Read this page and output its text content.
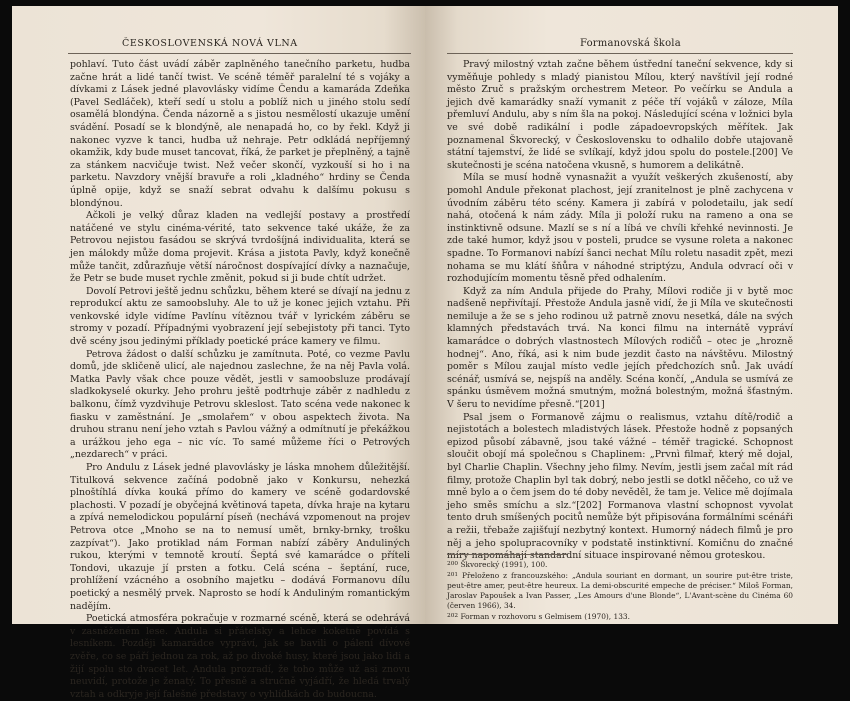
ČESKOSLOVENSKÁ NOVÁ VLNA

pohlaví. Tuto část uvádí záběr zaplněného tanečního parketu, hudba začne hrát a lidé tančí twist. Ve scéně téměř paralelní té s vojáky a dívkami z Lásek jedné plavovlásky vidíme Čendu a kamaráda Zdeňka (Pavel Sedláček), kteří sedí u stolu a poblíž nich u jiného stolu sedí osamělá blondýna. Čenda názorně a s jistou nesmělostí ukazuje umění svádění. Posadí se k blondýně, ale nenapadá ho, co by řekl. Když ji nakonec vyzve k tanci, hudba už nehraje. Petr odkládá nepříjemný okamžik, kdy bude muset tancovat, říká, že parket je přeplněný, a tajně za stánkem nacvičuje twist. Než večer skončí, vyzkouší si ho i na parketu. Navzdory vnější bravuře a roli „kladného“ hrdiny se Čenda úplně opije, když se snaží sebrat odvahu k dalšímu pokusu s blondýnou.

Ačkoli je velký důraz kladen na vedlejší postavy a prostředí natáčené ve stylu cinéma-vérité, tato sekvence také ukáže, že za Petrovou nejistou fasádou se skrývá tvrdošíjná individualita, která se jen málokdy může doma projevit. Krása a jistota Pavly, když konečně může tančit, zdůrazňuje větší náročnost dospívající dívky a naznačuje, že Petr se bude muset rychle změnit, pokud si ji bude chtít udržet.

Dovolí Petrovi ještě jednu schůzku, během které se dívají na jednu z reprodukcí aktu ze samoobsluhy. Ale to už je konec jejich vztahu. Při venkovské idyle vidíme Pavlínu vítěznou tvář v lyrickém záběru se stromy v pozadí. Případnými vyobrazení její sebejistoty při tanci. Tyto dvě scény jsou jedinými příklady poetické práce kamery ve filmu.

Petrova žádost o další schůzku je zamítnuta. Poté, co vezme Pavlu domů, jde skličeně ulicí, ale najednou zaslechne, že na něj Pavla volá. Matka Pavly však chce pouze vědět, jestli v samoobsluze prodávají sladkokyselé okurky. Jeho prohru ještě podtrhuje záběr z nadhledu z balkonu, čímž vyzdvihuje Petrovu skleslost. Tato scéna vede nakonec k fiasku v zaměstnání. Je „smolařem“ v obou aspektech života. Na druhou stranu není jeho vztah s Pavlou vážný a odmítnutí je překážkou a urážkou jeho ega – nic víc. To samé můžeme říci o Petrových „nezdarech“ v práci.

Pro Andulu z Lásek jedné plavovlásky je láska mnohem důležitější. Titulková sekvence začíná podobně jako v Konkursu, nehezká plnoštíhlá dívka kouká přímo do kamery ve scéně godardovské plachosti. V pozadí je obyčejná květinová tapeta, dívka hraje na kytaru a zpívá nemelodickou populární píseň (nechává vzpomenout na projev Petrova otce „Mnoho se na to nemusí umět, brnky-brnky, trošku zazpívat“). Jako protiklad nám Forman nabízí záběry Anduliných rukou, kterými v temnotě kroutí. Šeptá své kamarádce o příteli Tondovi, ukazuje jí prsten a fotku. Celá scéna – šeptání, ruce, prohlížení vzácného a osobního majetku – dodává Formanovu dílu poetický a nesmělý prvek. Naprosto se hodí k Anduliným romantickým nadějím.

Poetická atmosféra pokračuje v rozmarné scéně, která se odehrává v zasněženém lese. Andula si přátelsky a lehce koketně povídá s lesníkem. Později kamarádce vypráví, jak se bavili o pálení dívové zvěře, co se páří jednou za rok, až po divoké husy, které jsou jako lidi a žijí spolu sto dvacet let. Andula prozradí, že toho může už asi znovu neuvidí, protože je ženatý. To přesně a stručně vyjádří, že hledá trvalý vztah a odkryje její falešné představy o vyhlídkách do budoucna.

Formanovská škola

Pravý milostný vztah začne během ústřední taneční sekvence, kdy si vyměňuje pohledy s mladý pianistou Mílou, který navštívil její rodné město Zruč s pražským orchestrem Meteor. Po večírku se Andula a jejich dvě kamarádky snaží vymanit z péče tří vojáků v záloze, Míla přemluví Andulu, aby s ním šla na pokoj. Následující scéna v ložnici byla ve své době radikální i podle západoevropských měřítek. Jak poznamenal Škvorecký, v Československu to odhalilo dobře utajovaně státní tajemství, že lidé se svlíkají, když jdou spolu do postele.[200] Ve skutečnosti je scéna natočena vkusně, s humorem a delikátně.

Míla se musí hodně vynasnažit a využít veškerých zkušeností, aby pomohl Andule překonat plachost, její zranitelnost je plně zachycena v úvodním záběru této scény. Kamera ji zabírá v polodetailu, jak sedí nahá, otočená k nám zády. Míla ji položí ruku na rameno a ona se instinktivně odsune. Mazlí se s ní a líbá ve chvíli křehké nevinnosti. Je zde také humor, když jsou v posteli, prudce se vysune roleta a nakonec spadne. To Formanovi nabízí šanci nechat Mílu roletu nasadit zpět, mezi nohama se mu klátí šňůra v náhodné striptýzu, Andula odvrací oči v rozhodujícím momentu těsně před odhalením.

Když za ním Andula přijede do Prahy, Mílovi rodiče ji v bytě moc nadšeně nepřivítají. Přestože Andula jasně vidí, že ji Míla ve skutečnosti nemiluje a že se s jeho rodinou už patrně znovu nesetká, dále na svých klamných představách trvá. Na konci filmu na internátě vypráví kamarádce o dobrých vlastnostech Mílových rodičů – otec je „hrozně hodnej“. Ano, říká, asi k nim bude jezdit často na návštěvu. Milostný poměr s Mílou zaujal místo vedle jejích předchozích snů. Jak uvádí scénář, usmívá se, nejspíš na anděly. Scéna končí, „Andula se usmívá ze spánku úsměvem možná smutným, možná bolestným, možná šťastným. V šeru to nevidíme přesně.“[201]

Psal jsem o Formanově zájmu o realismus, vztahu dítě/rodič a nejistotách a bolestech mladistvých lásek. Přestože hodně z popsaných epizod působí zábavně, jsou také vážné – téměř tragické. Schopnost sloučit obojí má společnou s Chaplinem: „Prvnì filmař, který mě dojal, byl Charlie Chaplin. Všechny jeho filmy. Nevím, jestli jsem začal mít rád filmy, protože Chaplin byl tak dobrý, nebo jestli se dotkl něčeho, co už ve mně bylo a o čem jsem do té doby nevěděl, že tam je. Velice mě dojímala jeho směs smíchu a slz.“[202] Formanova vlastní schopnost vyvolat tento druh smíšených pocitů nemůže být připisována formálními scénáři a režii, třebaže zajišťují nezbytný kontext. Humorný nádech filmů je pro něj a jeho spolupracovníky v podstatě instinktivní. Komičnu do značné míry napomáhají standardní situace inspirované němou groteskou.

$^{200}$ Škvorecký (1991), 100.

$^{201}$ Přeloženo z francouzského: „Andula souriant en dormant, un sourire put-être triste, peut-être amer, peut-être heureux. La demi-obscurité empeche de préciser.“ Miloš Forman, Jaroslav Papoušek a Ivan Passer, „Les Amours d'une Blonde“, L'Avant-scène du Cinéma 60 (červen 1966), 34.

$^{202}$ Forman v rozhovoru s Gelmisem (1970), 133.
